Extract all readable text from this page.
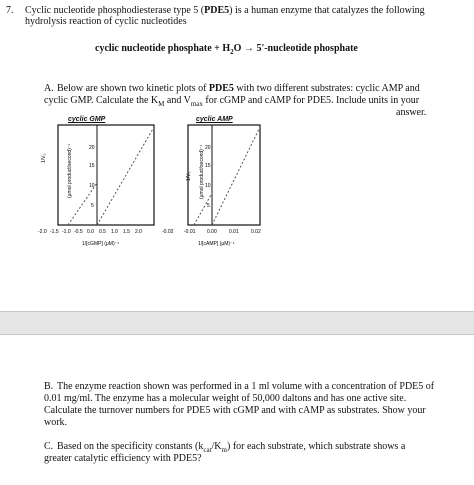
7. Cyclic nucleotide phosphodiesterase type 5 (PDE5) is a human enzyme that catalyzes the following
hydrolysis reaction of cyclic nucleotides
cyclic nucleotide phosphate + $H_2O$ → 5'-nucleotide phosphate
A. Below are shown two kinetic plots of PDE5 with two different substrates: cyclic AMP and
cyclic GMP. Calculate the $K_M$ and $V_{max}$ for cGMP and cAMP for PDE5. Include units in your
answer.
cyclic GMP
1/V₀	(μmol product/second)⁻¹	20
15
10
5
-2.0 -1.5 -1.0 -0.5 0.0 0.5 1.0 1.5 2.0
1/[cGMP] (μM)⁻¹
cyclic AMP
1/V₀ (μmol product/second)⁻¹ 20
15
10
5
-0.02 -0.01 0.00 0.01 0.02
1/[cAMP] (μM)⁻¹
B. The enzyme reaction shown was performed in a 1 ml volume with a concentration of PDE5 of
0.01 mg/ml. The enzyme has a molecular weight of 50,000 daltons and has one active site.
Calculate the turnover numbers for PDE5 with cGMP and with cAMP as substrates. Show your
work.
C. Based on the specificity constants $(k_{cat}/K_m)$ for each substrate, which substrate shows a
greater catalytic efficiency with PDE5?
